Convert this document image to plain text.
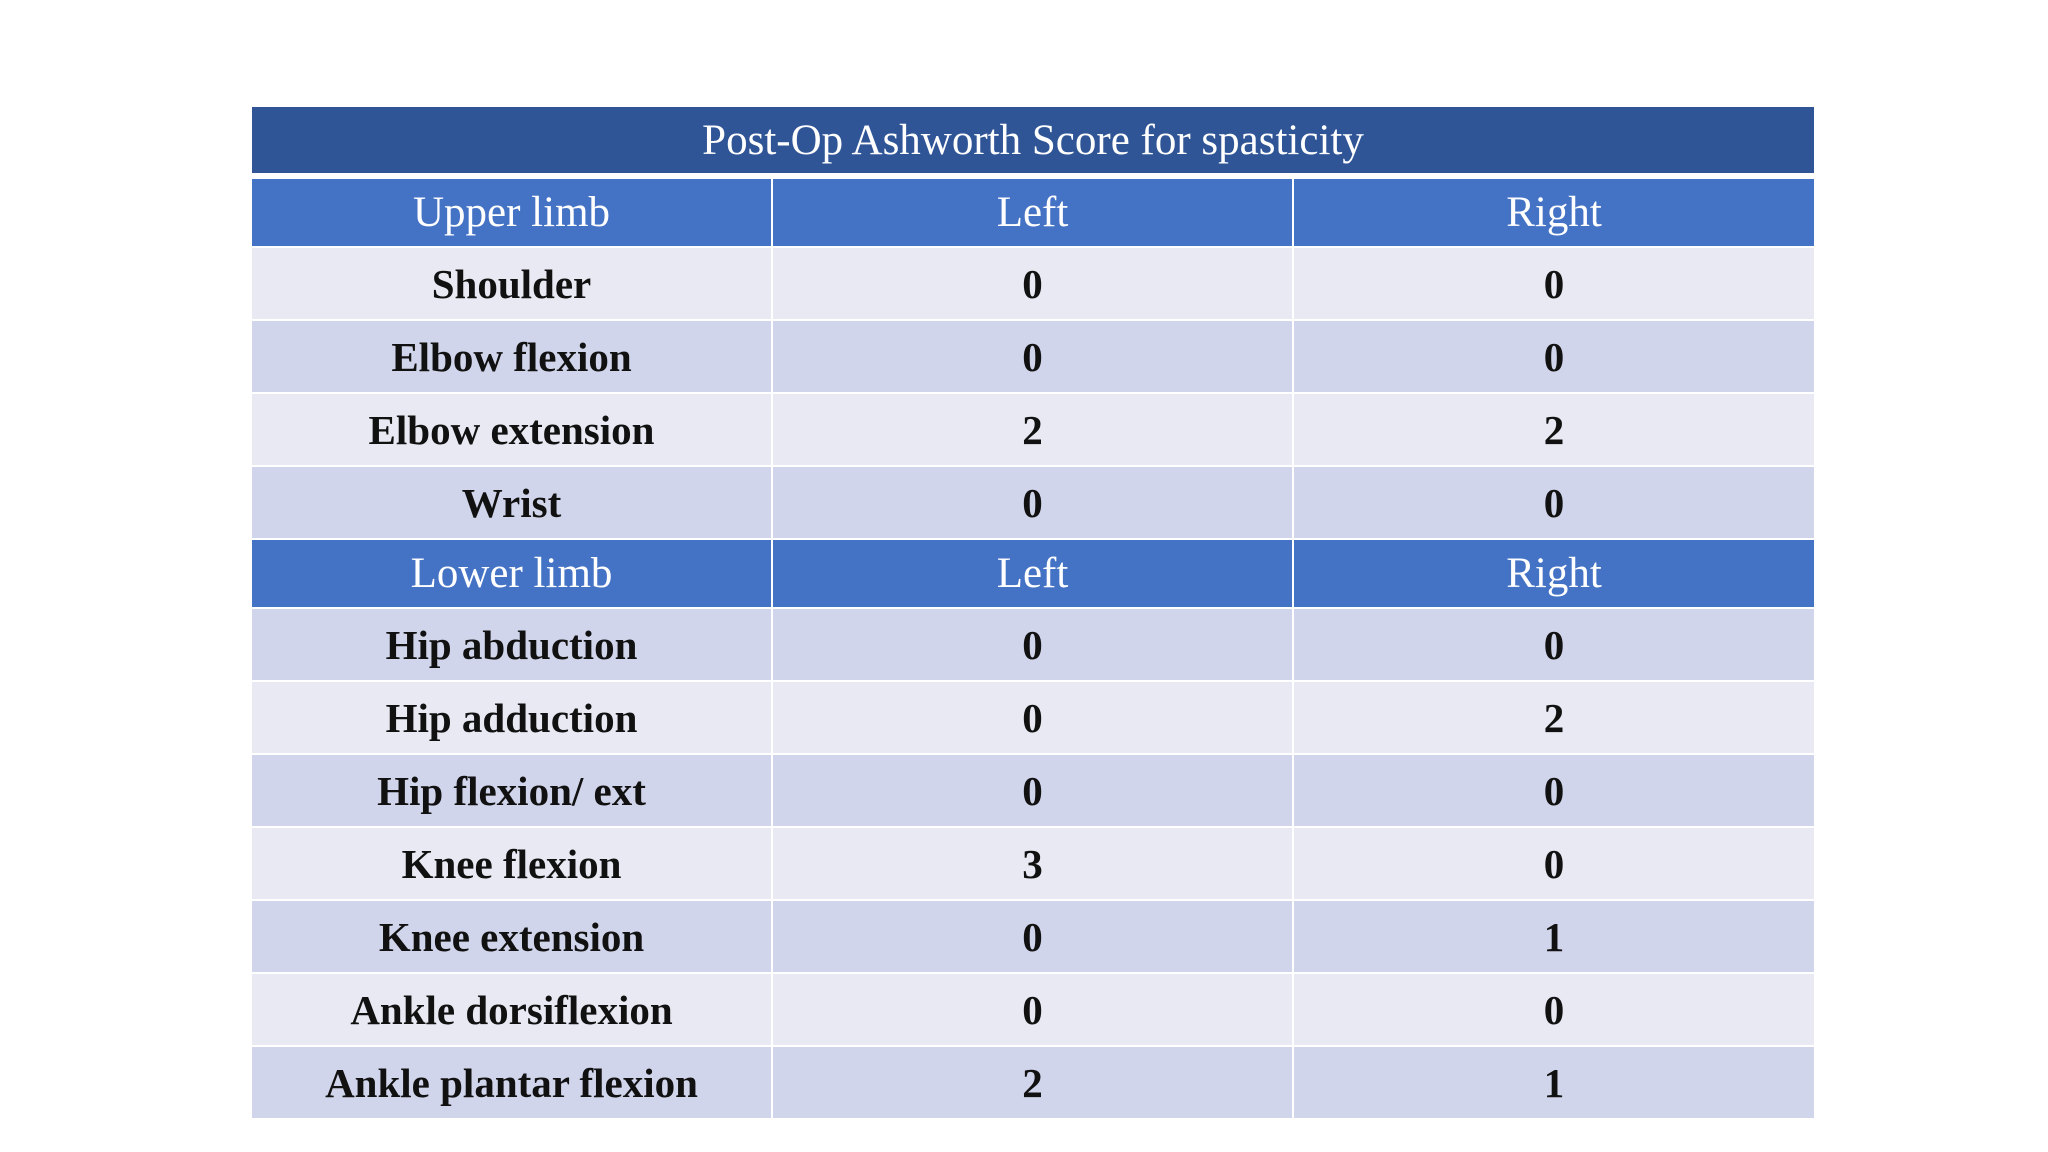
Post-Op Ashworth Score for spasticity		
Upper limb	Left	Right
Shoulder	0	0
Elbow flexion	0	0
Elbow extension	2	2
Wrist	0	0
Lower limb	Left	Right
Hip abduction	0	0
Hip adduction	0	2
Hip flexion/ ext	0	0
Knee flexion	3	0
Knee extension	0	1
Ankle dorsiflexion	0	0
Ankle plantar flexion	2	1
